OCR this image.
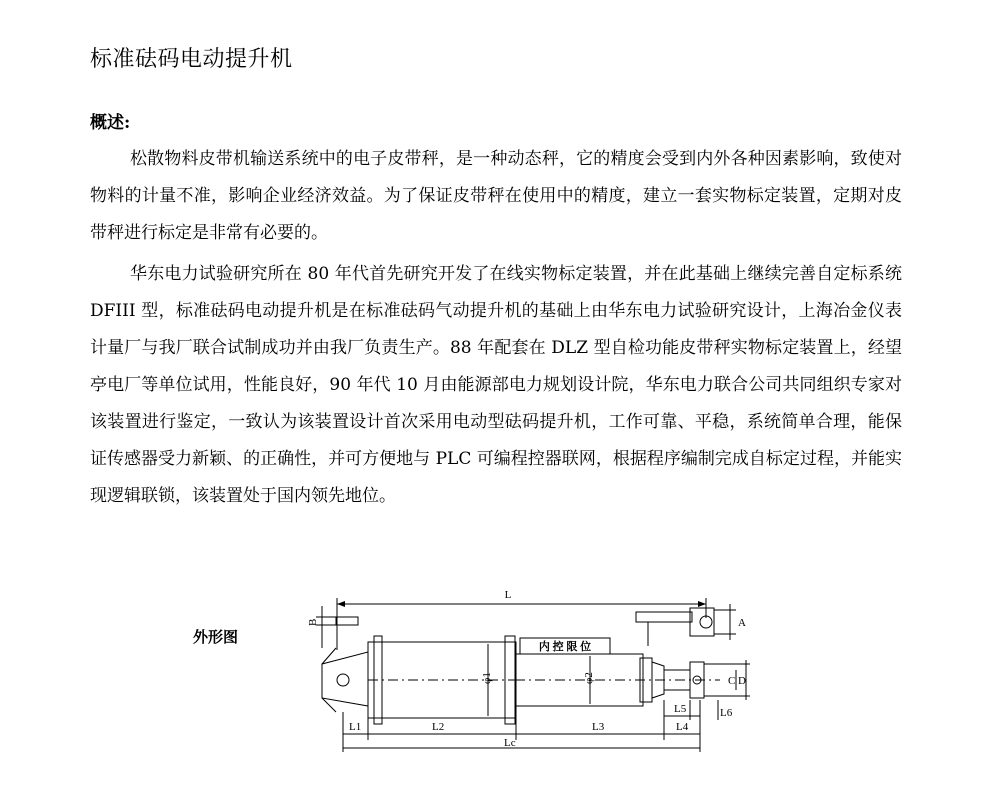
标准砝码电动提升机
概述:

松散物料皮带机输送系统中的电子皮带秤，是一种动态秤，它的精度会受到内外各种因素影响，致使对物料的计量不准，影响企业经济效益。为了保证皮带秤在使用中的精度，建立一套实物标定装置，定期对皮带秤进行标定是非常有必要的。

华东电力试验研究所在 80 年代首先研究开发了在线实物标定装置，并在此基础上继续完善自定标系统 DFIII 型，标准砝码电动提升机是在标准砝码气动提升机的基础上由华东电力试验研究设计，上海冶金仪表计量厂与我厂联合试制成功并由我厂负责生产。88 年配套在 DLZ 型自检功能皮带秤实物标定装置上，经望亭电厂等单位试用，性能良好，90 年代 10 月由能源部电力规划设计院，华东电力联合公司共同组织专家对该装置进行鉴定，一致认为该装置设计首次采用电动型砝码提升机，工作可靠、平稳，系统简单合理，能保证传感器受力新颖、的正确性，并可方便地与 PLC 可编程控器联网，根据程序编制完成自标定过程，并能实现逻辑联锁，该装置处于国内领先地位。

外形图
L
B	A
φ1	φ2	C D
L1	L2	L3	L4
L5	L6
Lc
内 控 限 位
